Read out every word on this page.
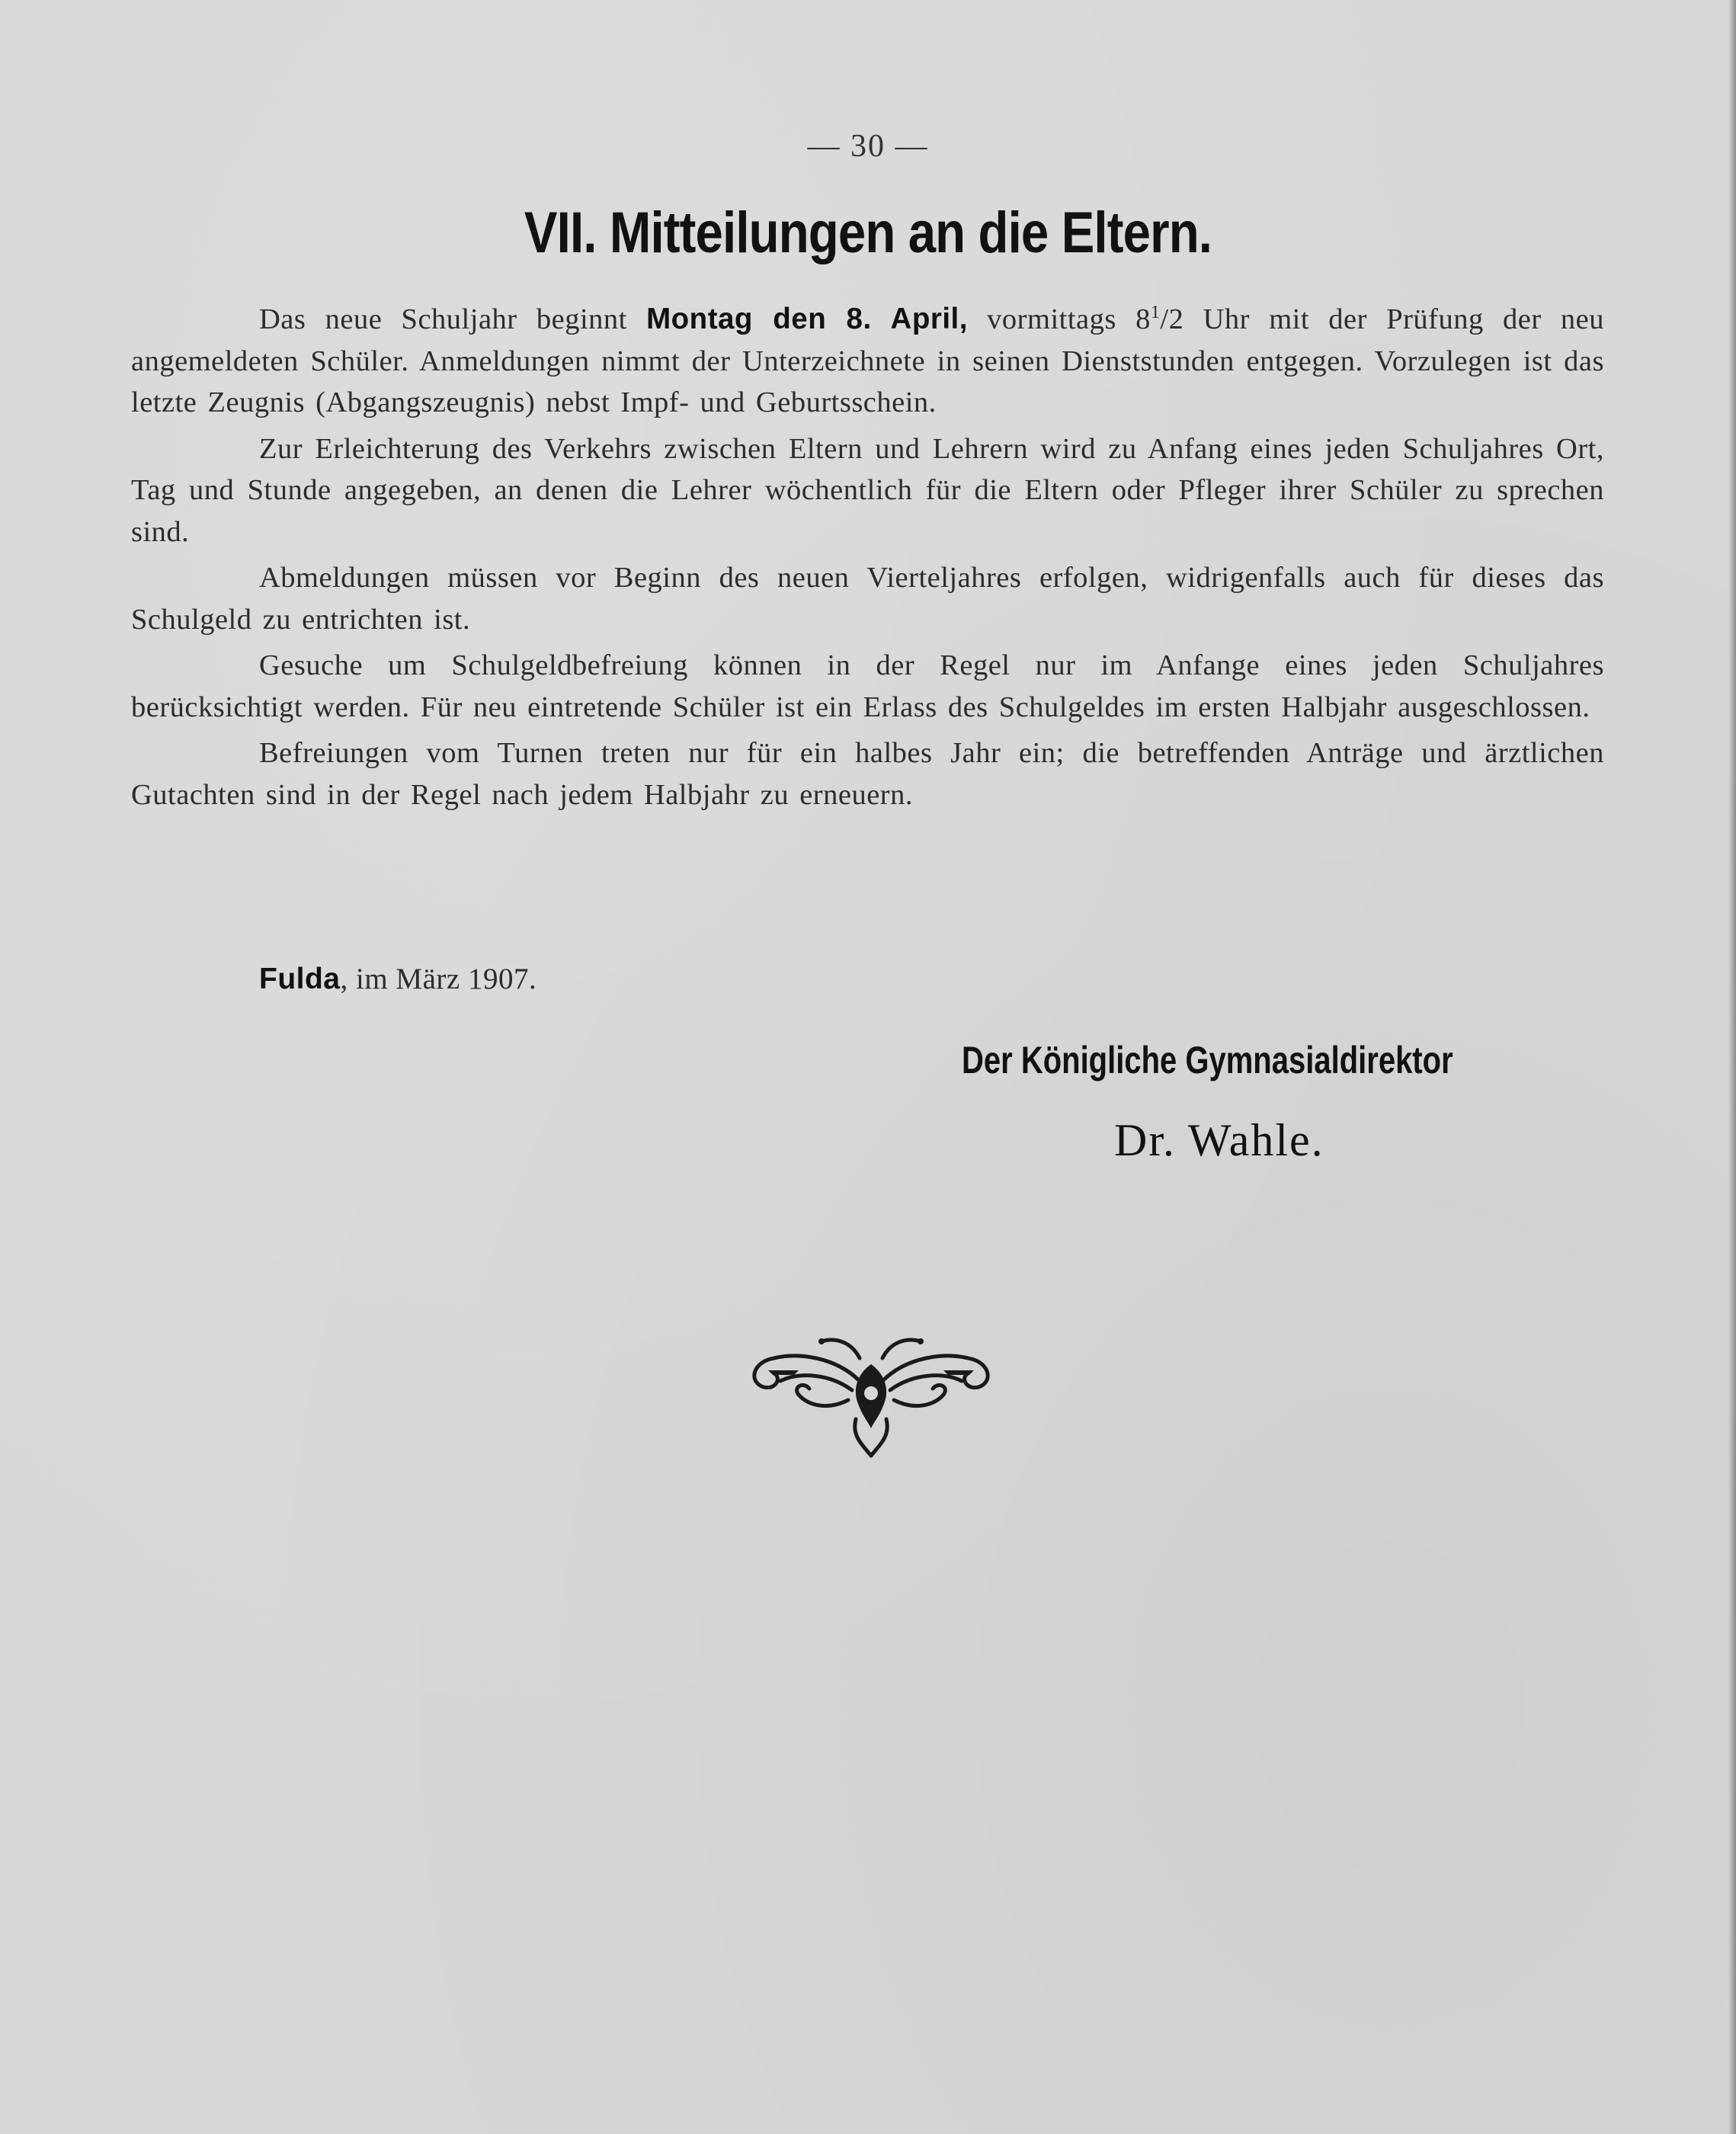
— 30 —
VII. Mitteilungen an die Eltern.

Das neue Schuljahr beginnt Montag den 8. April, vormittags $8^1/2$ Uhr mit der Prüfung der neu angemeldeten Schüler. Anmeldungen nimmt der Unterzeichnete in seinen Dienststunden entgegen. Vorzulegen ist das letzte Zeugnis (Abgangszeugnis) nebst Impf- und Geburtsschein.

Zur Erleichterung des Verkehrs zwischen Eltern und Lehrern wird zu Anfang eines jeden Schuljahres Ort, Tag und Stunde angegeben, an denen die Lehrer wöchentlich für die Eltern oder Pfleger ihrer Schüler zu sprechen sind.

Abmeldungen müssen vor Beginn des neuen Vierteljahres erfolgen, widrigenfalls auch für dieses das Schulgeld zu entrichten ist.

Gesuche um Schulgeldbefreiung können in der Regel nur im Anfange eines jeden Schuljahres berücksichtigt werden. Für neu eintretende Schüler ist ein Erlass des Schulgeldes im ersten Halbjahr ausgeschlossen.

Befreiungen vom Turnen treten nur für ein halbes Jahr ein; die betreffenden Anträge und ärztlichen Gutachten sind in der Regel nach jedem Halbjahr zu erneuern.

Fulda, im März 1907.
Der Königliche Gymnasialdirektor
Dr. Wahle.
